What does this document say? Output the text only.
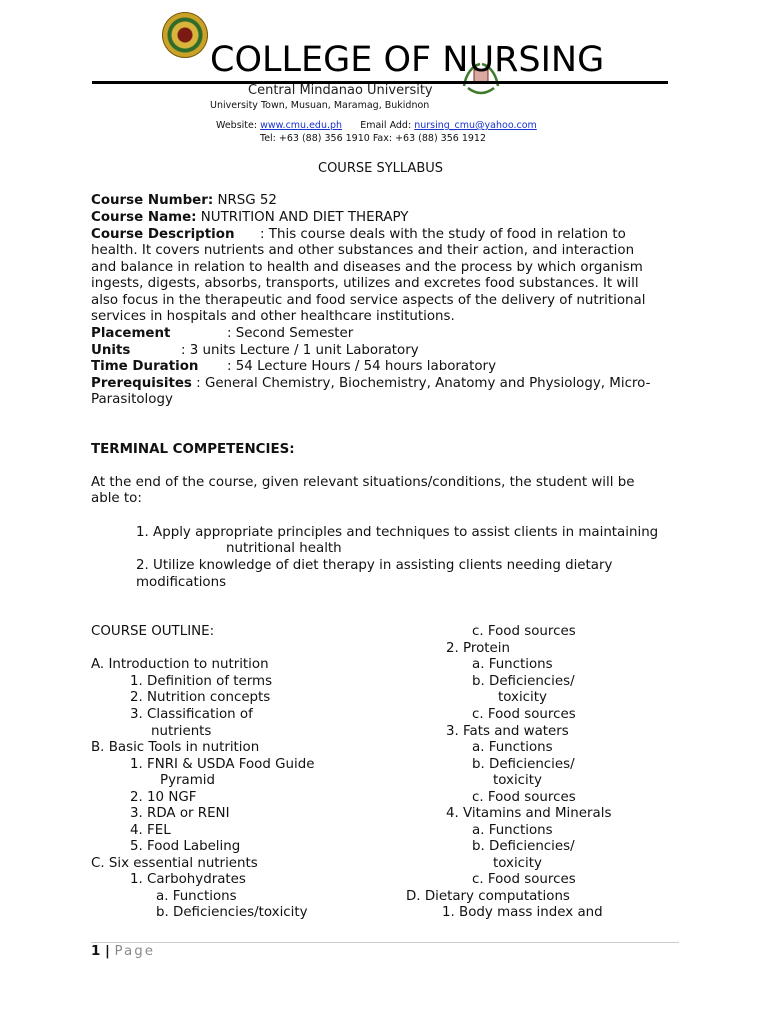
COLLEGE OF NURSING
Central Mindanao University
University Town, Musuan, Maramag, Bukidnon
Website: www.cmu.edu.ph Email Add: nursing_cmu@yahoo.com
Tel: +63 (88) 356 1910 Fax: +63 (88) 356 1912
COURSE SYLLABUS
Course Number: NRSG 52
Course Name: NUTRITION AND DIET THERAPY
Course Description      : This course deals with the study of food in relation to
health. It covers nutrients and other substances and their action, and interaction
and balance in relation to health and diseases and the process by which organism
ingests, digests, absorbs, transports, utilizes and excretes food substances. It will
also focus in the therapeutic and food service aspects of the delivery of nutritional
services in hospitals and other healthcare institutions.
Placement	: Second Semester
Units	: 3 units Lecture / 1 unit Laboratory
Time Duration : 54 Lecture Hours / 54 hours laboratory
Prerequisites : General Chemistry, Biochemistry, Anatomy and Physiology, Micro-
Parasitology
TERMINAL COMPETENCIES:
At the end of the course, given relevant situations/conditions, the student will be
able to:
1. Apply appropriate principles and techniques to assist clients in maintaining
nutritional health
2. Utilize knowledge of diet therapy in assisting clients needing dietary
modifications
COURSE OUTLINE:
A. Introduction to nutrition
1. Definition of terms
2. Nutrition concepts
3. Classification of
nutrients
B. Basic Tools in nutrition
1. FNRI & USDA Food Guide
Pyramid
2. 10 NGF
3. RDA or RENI
4. FEL
5. Food Labeling
C. Six essential nutrients
1. Carbohydrates
a. Functions
b. Deficiencies/toxicity
c. Food sources
2. Protein
a. Functions
b. Deficiencies/
toxicity
c. Food sources
3. Fats and waters
a. Functions
b. Deficiencies/
toxicity
c. Food sources
4. Vitamins and Minerals
a. Functions
b. Deficiencies/
toxicity
c. Food sources
D. Dietary computations
1. Body mass index and
1 | Page
